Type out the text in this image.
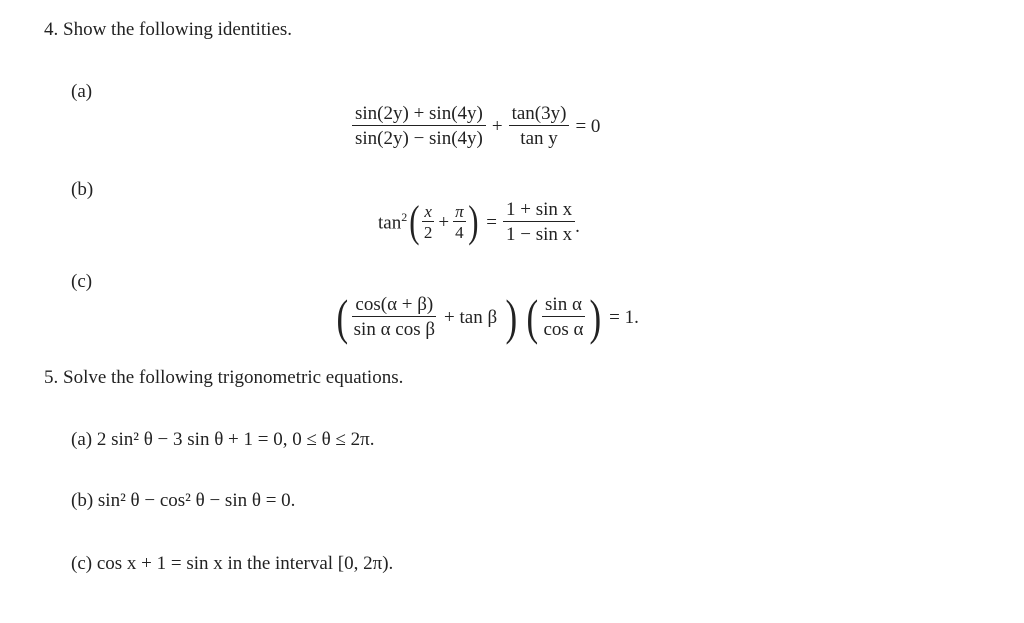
4. Show the following identities.
(a)
$\frac{\sin(2y) + \sin(4y)}{\sin(2y) - \sin(4y)} + \frac{\tan(3y)}{\text{tan y}} = 0$
(b)
$\tan^2$ ( $\frac{x}{2} + \frac{\pi}{4}$ ) = $\frac{\text{1 + sin x}}{\text{1 − sin x}}$ .
(c)
( $\frac{\cos(\alpha + \beta)}{\text{sin α cos β}} + \tan \beta$ ) ( $\frac{\text{sin α}}{\text{cos α}}$ ) = 1.
5. Solve the following trigonometric equations.
(a) 2 sin² θ − 3 sin θ + 1 = 0, 0 ≤ θ ≤ 2π.
(b) sin² θ − cos² θ − sin θ = 0.
(c) cos x + 1 = sin x in the interval [0, 2π).
